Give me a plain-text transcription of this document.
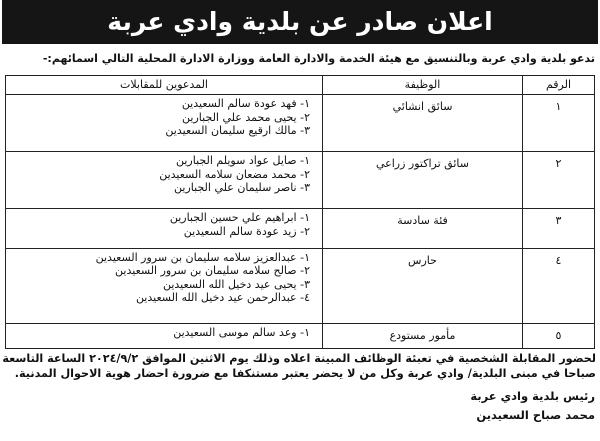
اعلان صادر عن بلدية وادي عربة
تدعو بلدية وادي عربة وبالتنسيق مع هيئة الخدمة والادارة العامة ووزارة الادارة المحلية التالي اسمائهم:-
الرقم	الوظيفة	المدعوين للمقابلات
١	سائق انشائي	١- فهد عودة سالم السعيدين
٢- يحيى محمد علي الجبارين
٣- مالك ارقيع سليمان السعيدين

٢	سائق تراكتور زراعي	١- صايل عواد سويلم الجبارين
٢- محمد مضعان سلامه السعيدين
٣- ناصر سليمان علي الجبارين

٣	فئة سادسة	١- ابراهيم علي حسين الجبارين
٢- زيد عودة سالم السعيدين

٤	حارس	١- عبدالعزيز سلامه سليمان بن سرور السعيدين
٢- صالح سلامه سليمان بن سرور السعيدين
٣- يحيى عيد دخيل الله السعيدين
٤- عبدالرحمن عيد دخيل الله السعيدين

٥	مأمور مستودع	١- وعد سالم موسى السعيدين
لحضور المقابلة الشخصية في تعبئة الوظائف المبينة اعلاه وذلك يوم الاثنين الموافق ٢٠٢٤/٩/٢ الساعة التاسعة
صباحا في مبنى البلدية/ وادي عربة وكل من لا يحضر يعتبر مستنكفا مع ضرورة احضار هوية الاحوال المدنية.
رئيس بلدية وادي عربة
محمد صباح السعيدين
